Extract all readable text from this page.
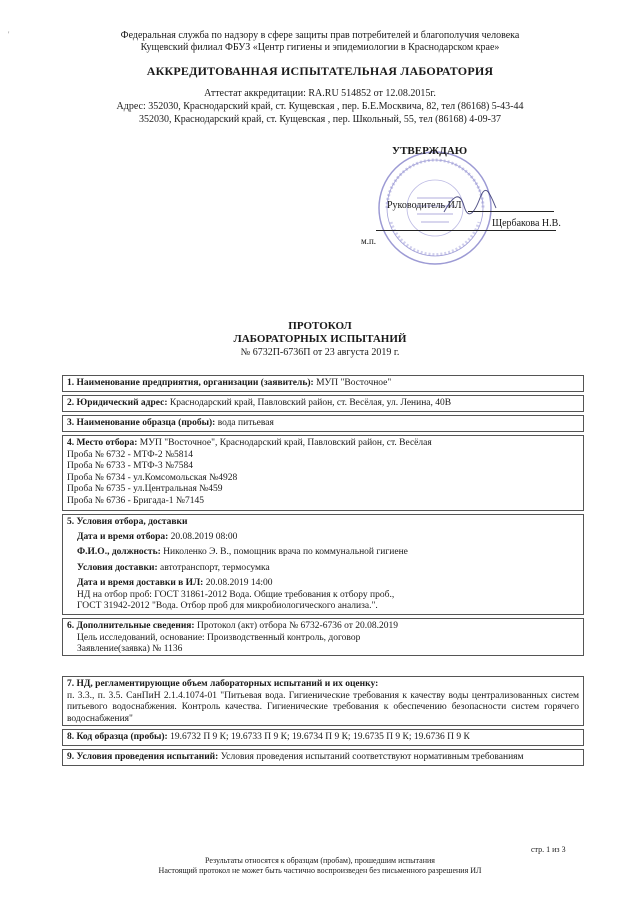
'	Федеральная служба по надзору в сфере защиты прав потребителей и благополучия человека
Кущевский филиал ФБУЗ «Центр гигиены и эпидемиологии в Краснодарском крае»
АККРЕДИТОВАННАЯ ИСПЫТАТЕЛЬНАЯ ЛАБОРАТОРИЯ
Аттестат аккредитации: RA.RU 514852 от 12.08.2015г.
Адрес: 352030, Краснодарский край, ст. Кущевская , пер. Б.Е.Москвича, 82, тел (86168) 5-43-44
352030, Краснодарский край, ст. Кущевская , пер. Школьный, 55, тел (86168) 4-09-37
УТВЕРЖДАЮ
Руководитель ИЛ
Щербакова Н.В.
м.п.
ПРОТОКОЛ
ЛАБОРАТОРНЫХ ИСПЫТАНИЙ
№ 6732П-6736П от 23 августа 2019 г.
1. Наименование предприятия, организации (заявитель): МУП "Восточное"
2. Юридический адрес: Краснодарский край, Павловский район, ст. Весёлая, ул. Ленина, 40В
3. Наименование образца (пробы): вода питьевая
4. Место отбора: МУП "Восточное", Краснодарский край, Павловский район, ст. Весёлая
Проба № 6732 - МТФ-2 №5814
Проба № 6733 - МТФ-3 №7584
Проба № 6734 - ул.Комсомольская №4928
Проба № 6735 - ул.Центральная №459
Проба № 6736 - Бригада-1 №7145
5. Условия отбора, доставки
Дата и время отбора: 20.08.2019 08:00
Ф.И.О., должность: Николенко Э. В., помощник врача по коммунальной гигиене
Условия доставки: автотранспорт, термосумка
Дата и время доставки в ИЛ: 20.08.2019 14:00
НД на отбор проб: ГОСТ 31861-2012 Вода. Общие требования к отбору проб.,
ГОСТ 31942-2012 "Вода. Отбор проб для микробиологического анализа.".
6. Дополнительные сведения: Протокол (акт) отбора № 6732-6736 от 20.08.2019
Цель исследований, основание: Производственный контроль, договор
Заявление(заявка) № 1136
7. НД, регламентирующие объем лабораторных испытаний и их оценку:
п. 3.3., п. 3.5. СанПиН 2.1.4.1074-01 "Питьевая вода. Гигиенические требования к качеству воды централизованных систем питьевого водоснабжения. Контроль качества. Гигиенические требования к обеспечению безопасности систем горячего водоснабжения"
8. Код образца (пробы): 19.6732 П 9 К; 19.6733 П 9 К; 19.6734 П 9 К; 19.6735 П 9 К; 19.6736 П 9 К
9. Условия проведения испытаний: Условия проведения испытаний соответствуют нормативным требованиям
стр. 1 из 3
Результаты относятся к образцам (пробам), прошедшим испытания
Настоящий протокол не может быть частично воспроизведен без письменного разрешения ИЛ
